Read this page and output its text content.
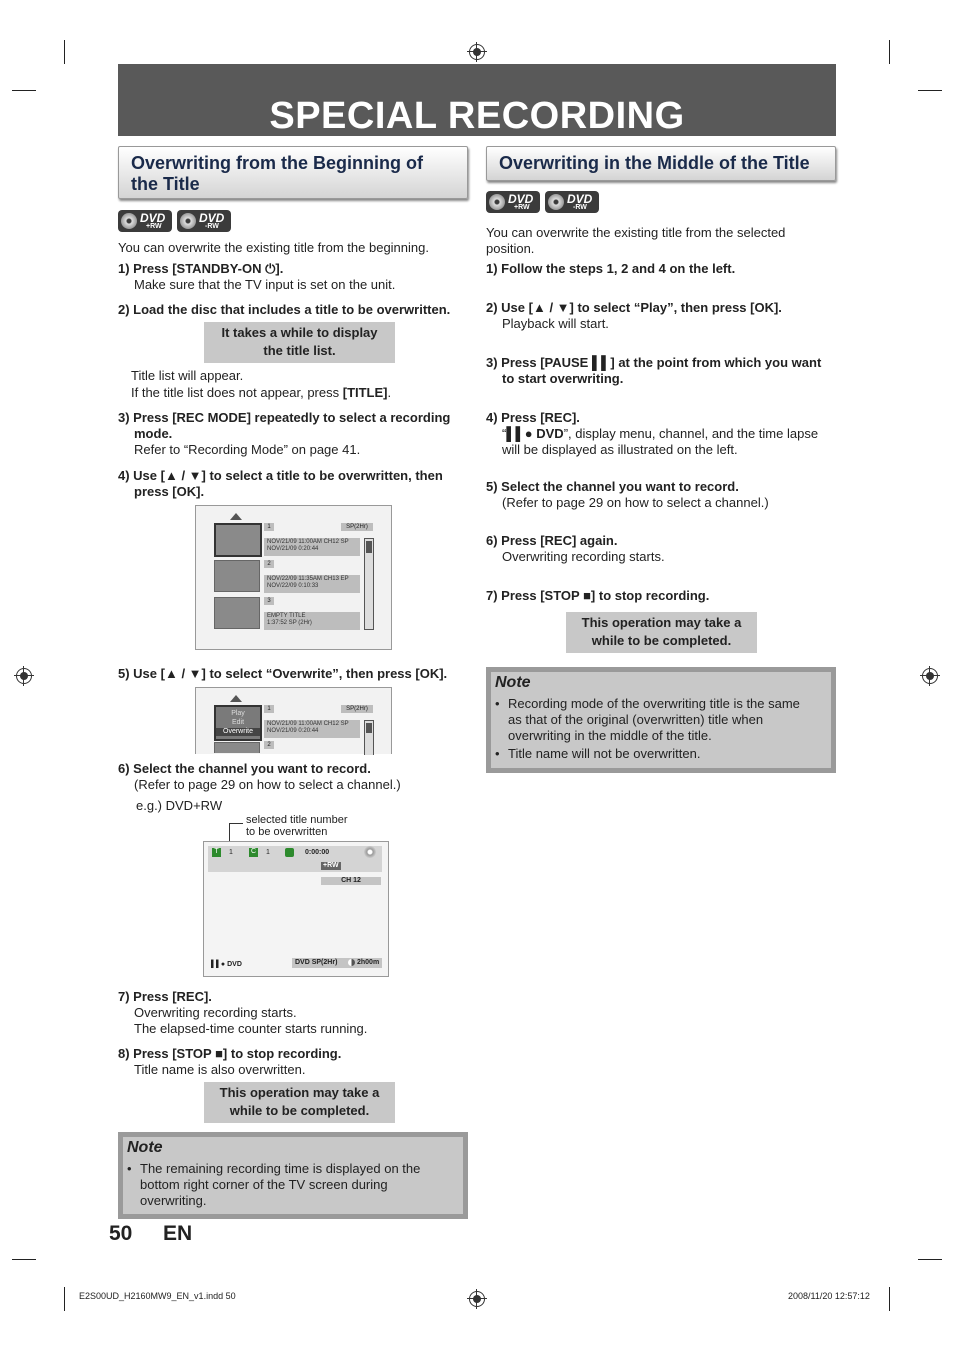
SPECIAL RECORDING
Overwriting from the Beginning of the Title
DVD
+RW
DVD
-RW
You can overwrite the existing title from the beginning.
1) Press [STANDBY-ON ⏻].
Make sure that the TV input is set on the unit.
2) Load the disc that includes a title to be overwritten.
It takes a while to display
the title list.
Title list will appear.
If the title list does not appear, press [TITLE].
3) Press [REC MODE] repeatedly to select a recording
mode.
Refer to “Recording Mode” on page 41.
4) Use [▲ / ▼] to select a title to be overwritten, then
press [OK].
1	SP(2Hr)
NOV/21/09 11:00AM CH12 SP
NOV/21/09 0:20:44
2
NOV/22/09 11:35AM CH13 EP
NOV/22/09 0:10:33
3
EMPTY TITLE
1:37:52 SP (2Hr)
5) Use [▲ / ▼] to select “Overwrite”, then press [OK].
Play
Edit
Overwrite
1	SP(2Hr)
NOV/21/09 11:00AM CH12 SP
NOV/21/09 0:20:44
2
6) Select the channel you want to record.
(Refer to page 29 on how to select a channel.)
e.g.) DVD+RW
selected title number
to be overwritten
T	1	C 1	0:00:00
+RW
CH 12
▌▌● DVD	DVD SP(2Hr)	2h00m
7) Press [REC].
Overwriting recording starts.
The elapsed-time counter starts running.
8) Press [STOP ■] to stop recording.
Title name is also overwritten.
This operation may take a
while to be completed.
Note
• The remaining recording time is displayed on the
bottom right corner of the TV screen during
overwriting.
50 EN
Overwriting in the Middle of the Title
DVD
+RW
DVD
-RW
You can overwrite the existing title from the selected
position.
1) Follow the steps 1, 2 and 4 on the left.
2) Use [▲ / ▼] to select “Play”, then press [OK].
Playback will start.
3) Press [PAUSE ▌▌] at the point from which you want
to start overwriting.
4) Press [REC].
“▌▌● DVD”, display menu, channel, and the time lapse
will be displayed as illustrated on the left.
5) Select the channel you want to record.
(Refer to page 29 on how to select a channel.)
6) Press [REC] again.
Overwriting recording starts.
7) Press [STOP ■] to stop recording.
This operation may take a
while to be completed.
Note
• Recording mode of the overwriting title is the same
as that of the original (overwritten) title when
overwriting in the middle of the title.
• Title name will not be overwritten.
E2S00UD_H2160MW9_EN_v1.indd 50	2008/11/20 12:57:12
